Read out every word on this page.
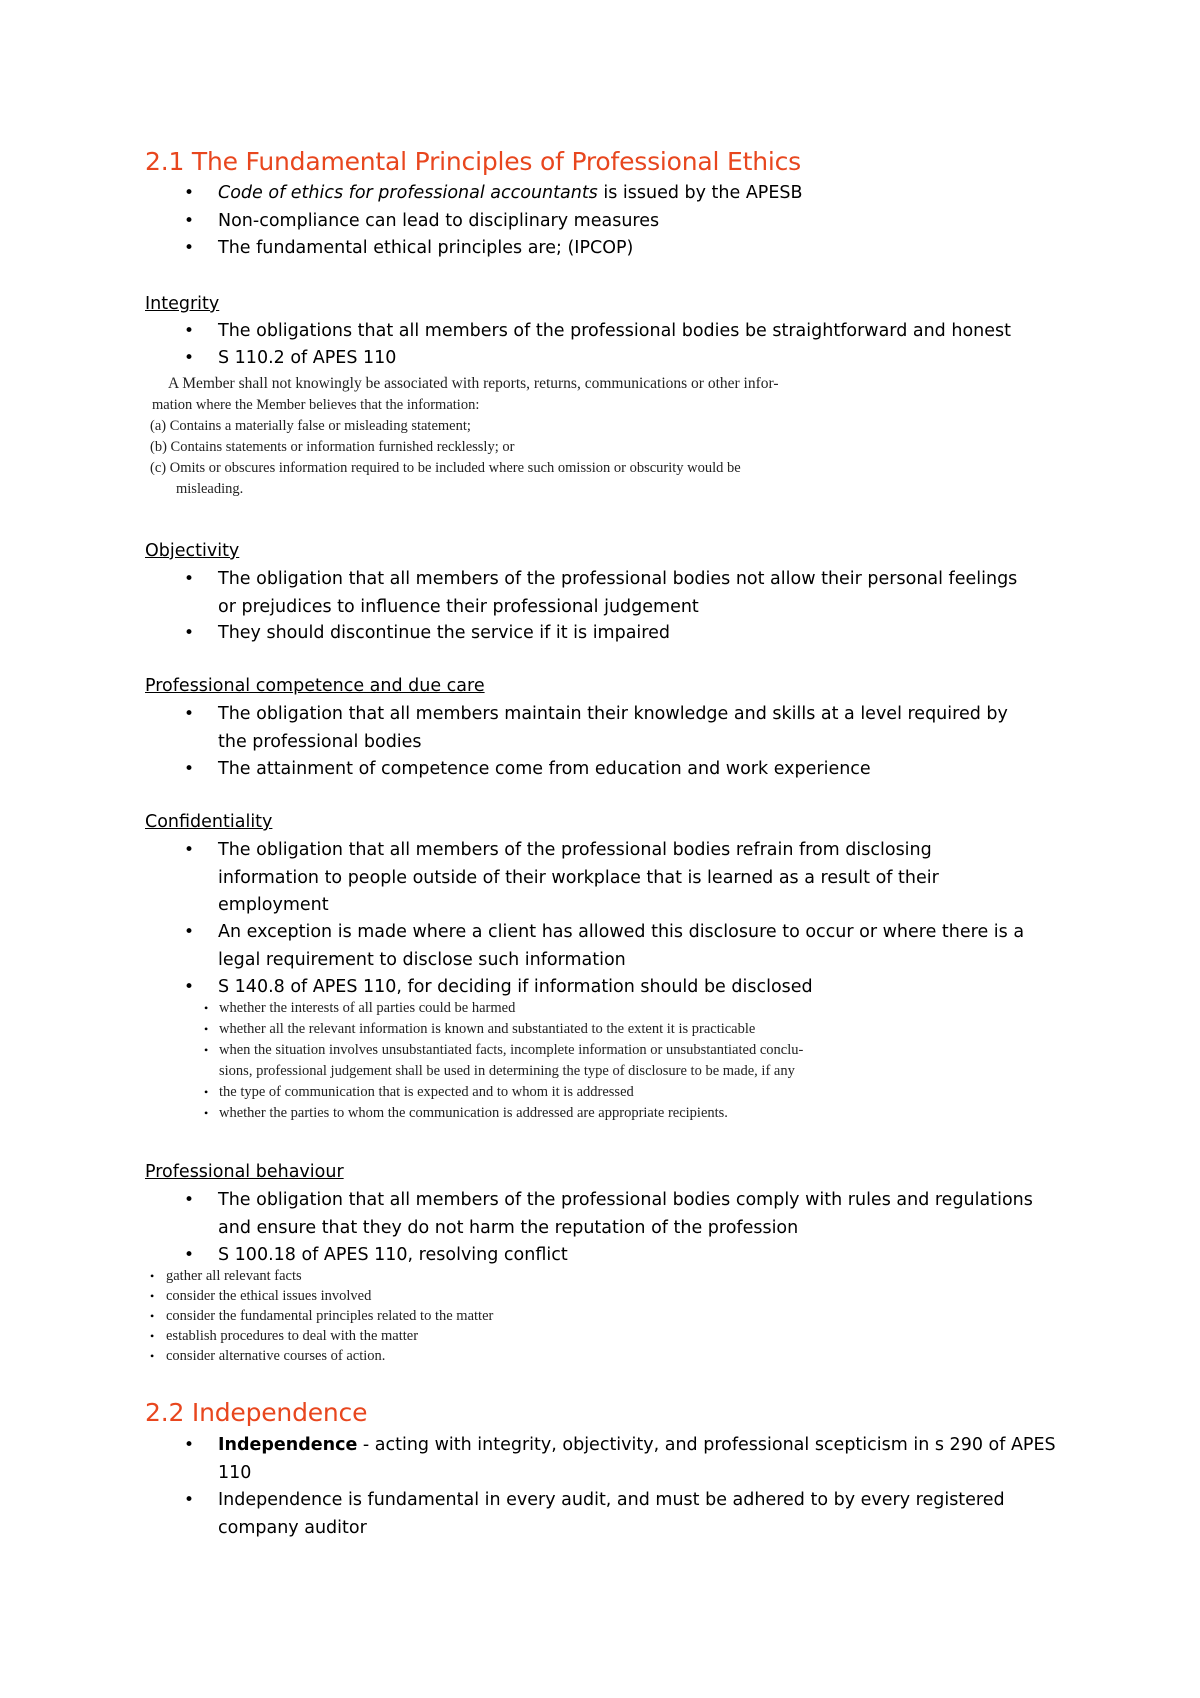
2.1 The Fundamental Principles of Professional Ethics
• Code of ethics for professional accountants is issued by the APESB
• Non-compliance can lead to disciplinary measures
• The fundamental ethical principles are; (IPCOP)
Integrity
• The obligations that all members of the professional bodies be straightforward and honest
• S 110.2 of APES 110
A Member shall not knowingly be associated with reports, returns, communications or other infor-
mation where the Member believes that the information:
(a) Contains a materially false or misleading statement;
(b) Contains statements or information furnished recklessly; or
(c) Omits or obscures information required to be included where such omission or obscurity would be
misleading.
Objectivity
• The obligation that all members of the professional bodies not allow their personal feelings
or prejudices to influence their professional judgement
• They should discontinue the service if it is impaired
Professional competence and due care
• The obligation that all members maintain their knowledge and skills at a level required by
the professional bodies
• The attainment of competence come from education and work experience
Confidentiality
• The obligation that all members of the professional bodies refrain from disclosing
information to people outside of their workplace that is learned as a result of their
employment
• An exception is made where a client has allowed this disclosure to occur or where there is a
legal requirement to disclose such information
• S 140.8 of APES 110, for deciding if information should be disclosed
• whether the interests of all parties could be harmed
• whether all the relevant information is known and substantiated to the extent it is practicable
• when the situation involves unsubstantiated facts, incomplete information or unsubstantiated conclu-
sions, professional judgement shall be used in determining the type of disclosure to be made, if any
• the type of communication that is expected and to whom it is addressed
• whether the parties to whom the communication is addressed are appropriate recipients.
Professional behaviour
• The obligation that all members of the professional bodies comply with rules and regulations
and ensure that they do not harm the reputation of the profession
• S 100.18 of APES 110, resolving conflict
• gather all relevant facts
• consider the ethical issues involved
• consider the fundamental principles related to the matter
• establish procedures to deal with the matter
• consider alternative courses of action.
2.2 Independence
• Independence - acting with integrity, objectivity, and professional scepticism in s 290 of APES
110
• Independence is fundamental in every audit, and must be adhered to by every registered
company auditor
